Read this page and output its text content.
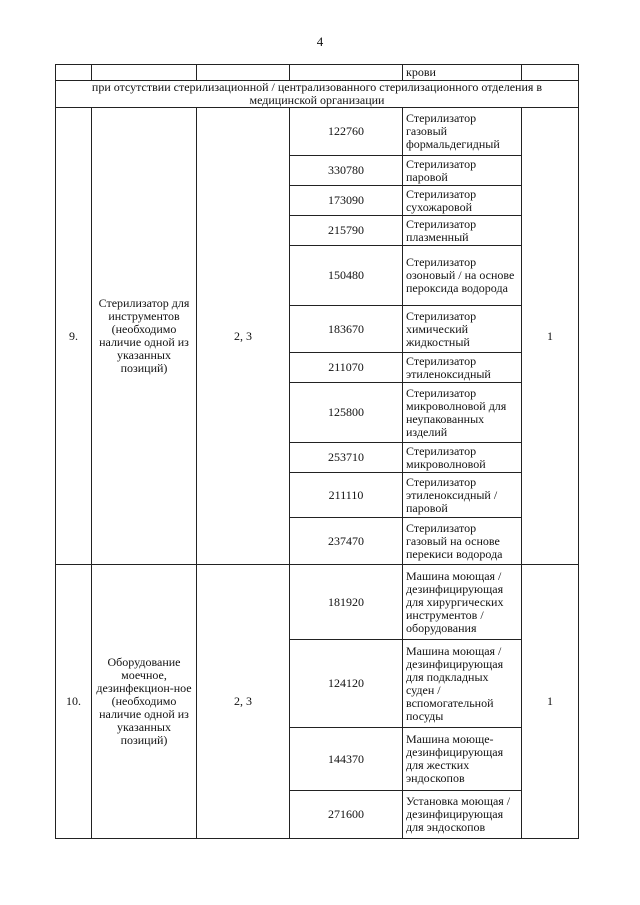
4
				крови	
при отсутствии стерилизационной / централизованного стерилизационного отделения в медицинской организации					
9.	Стерилизатор для инструментов (необходимо наличие одной из указанных позиций)	2, 3	122760	Стерилизатор газовый формальдегидный	1
			330780	Стерилизатор паровой	
			173090	Стерилизатор сухожаровой	
			215790	Стерилизатор плазменный	
			150480	Стерилизатор озоновый / на основе пероксида водорода	
			183670	Стерилизатор химический жидкостный	
			211070	Стерилизатор этиленоксидный	
			125800	Стерилизатор микроволновой для неупакованных изделий	
			253710	Стерилизатор микроволновой	
			211110	Стерилизатор этиленоксидный / паровой	
			237470	Стерилизатор газовый на основе перекиси водорода	
10.	Оборудование моечное, дезинфекцион-ное (необходимо наличие одной из указанных позиций)	2, 3	181920	Машина моющая / дезинфицирующая для хирургических инструментов / оборудования	1
			124120	Машина моющая / дезинфицирующая для подкладных суден / вспомогательной посуды	
			144370	Машина моюще-дезинфицирующая для жестких эндоскопов	
			271600	Установка моющая / дезинфицирующая для эндоскопов	
